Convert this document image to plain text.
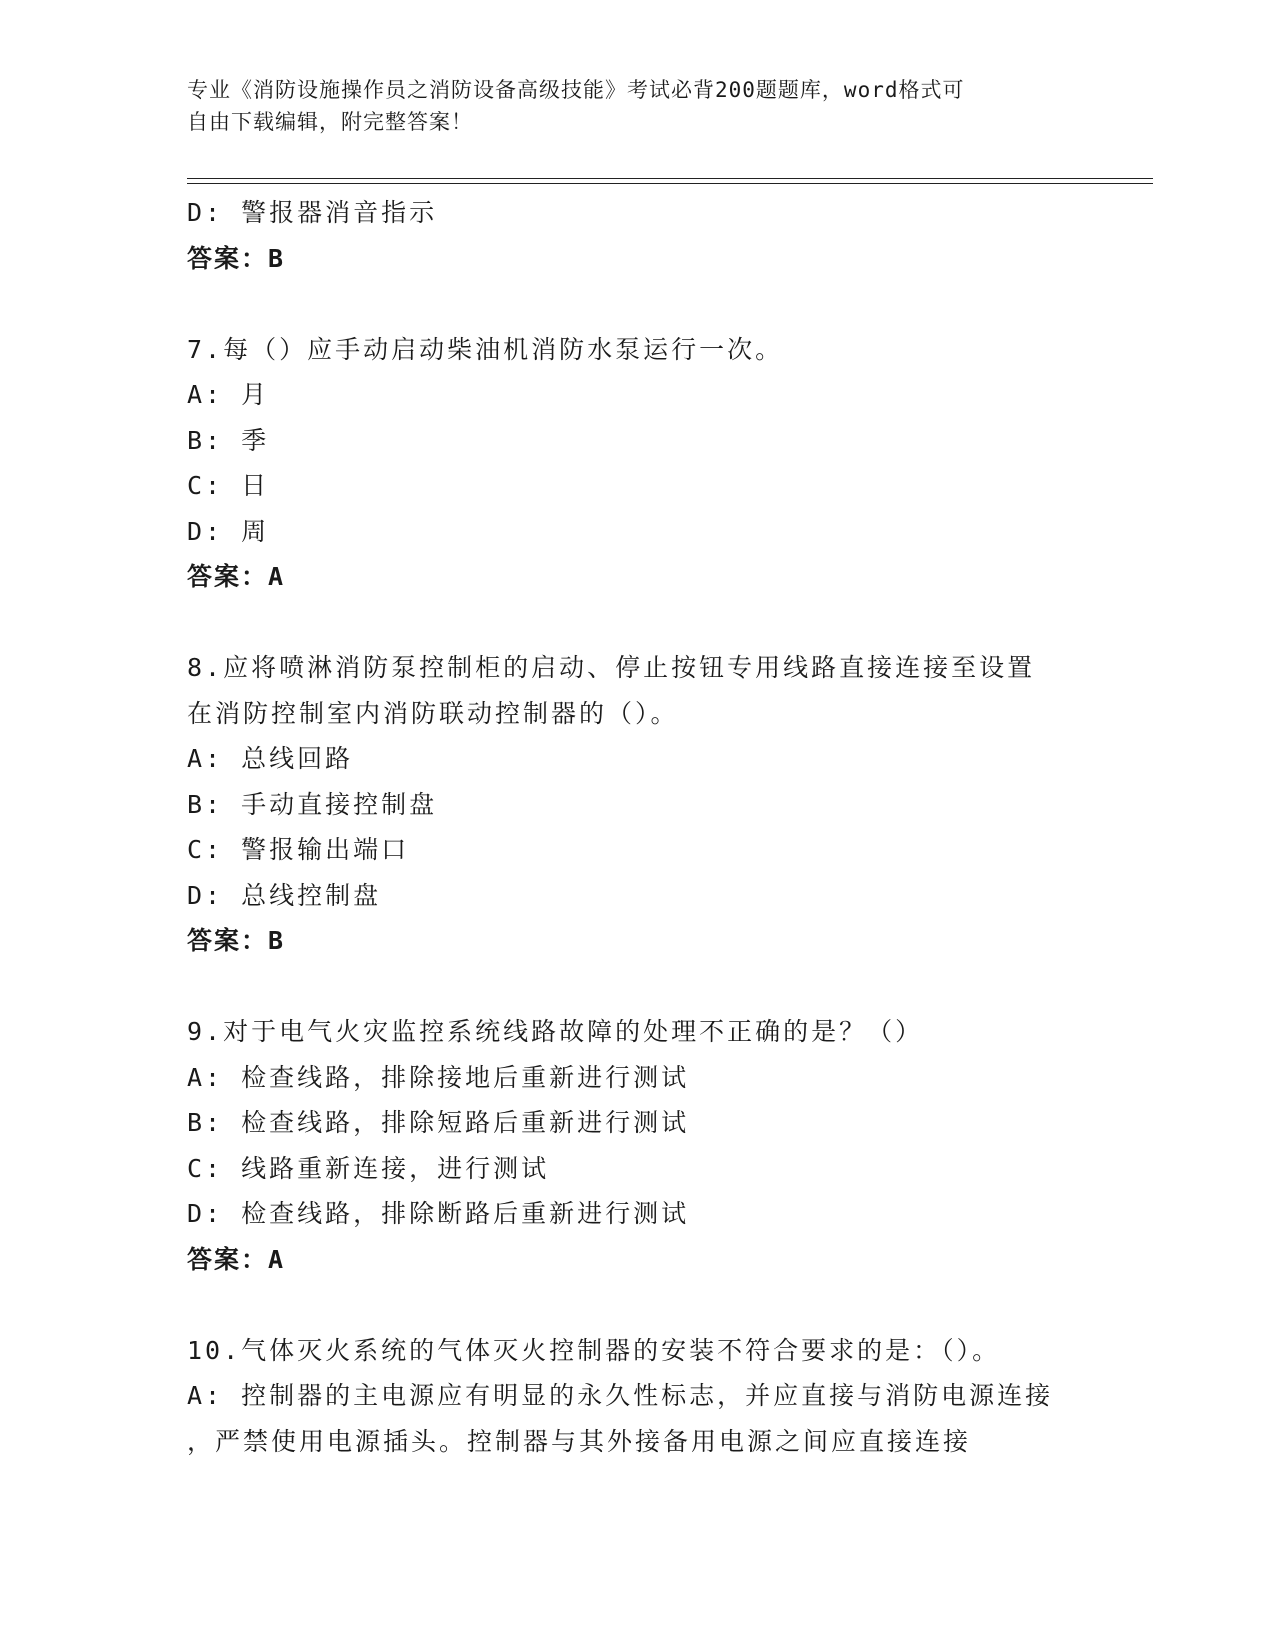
专业《消防设施操作员之消防设备高级技能》考试必背200题题库，word格式可
自由下载编辑，附完整答案！
D: 警报器消音指示
答案：B
7.每（）应手动启动柴油机消防水泵运行一次。
A: 月
B: 季
C: 日
D: 周
答案：A
8.应将喷淋消防泵控制柜的启动、停止按钮专用线路直接连接至设置
在消防控制室内消防联动控制器的（）。
A: 总线回路
B: 手动直接控制盘
C: 警报输出端口
D: 总线控制盘
答案：B
9.对于电气火灾监控系统线路故障的处理不正确的是？（）
A: 检查线路，排除接地后重新进行测试
B: 检查线路，排除短路后重新进行测试
C: 线路重新连接，进行测试
D: 检查线路，排除断路后重新进行测试
答案：A
10.气体灭火系统的气体灭火控制器的安装不符合要求的是：（）。
A: 控制器的主电源应有明显的永久性标志，并应直接与消防电源连接
，严禁使用电源插头。控制器与其外接备用电源之间应直接连接
